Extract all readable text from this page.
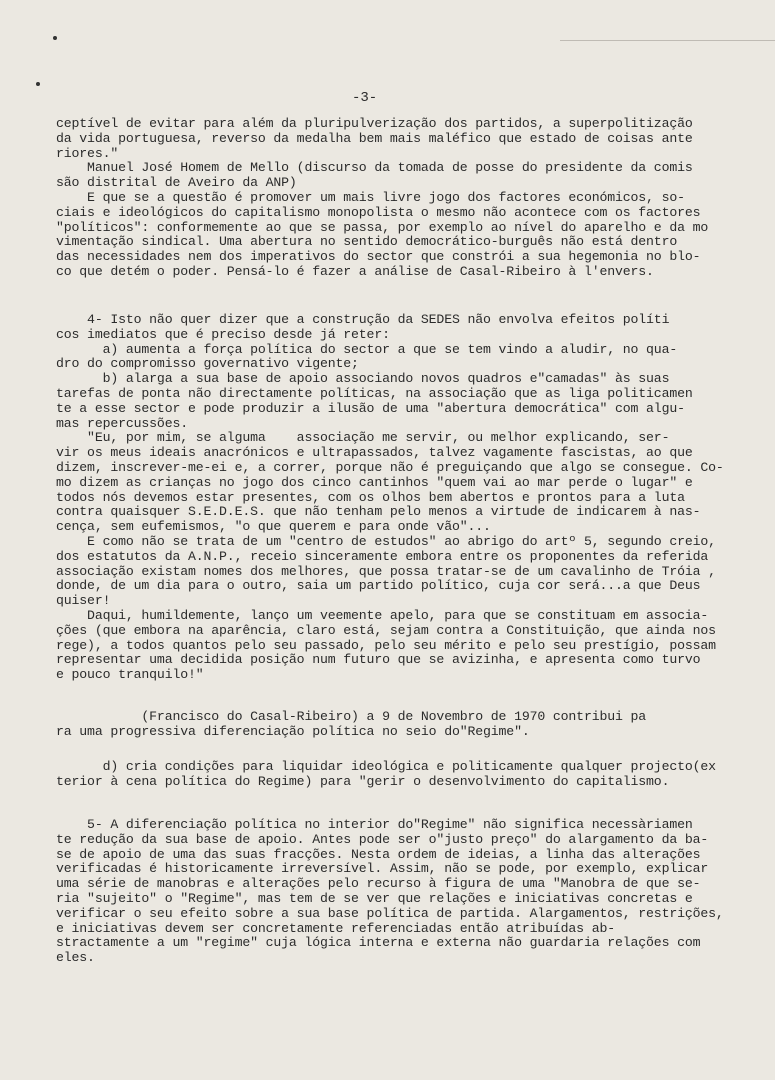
-3-
ceptível de evitar para além da pluripulverização dos partidos, a superpolitização
da vida portuguesa, reverso da medalha bem mais maléfico que estado de coisas ante
riores."
Manuel José Homem de Mello (discurso da tomada de posse do presidente da comis
são distrital de Aveiro da ANP)
E que se a questão é promover um mais livre jogo dos factores económicos, so-
ciais e ideológicos do capitalismo monopolista o mesmo não acontece com os factores
"políticos": conformemente ao que se passa, por exemplo ao nível do aparelho e da mo
vimentação sindical. Uma abertura no sentido democrático-burguês não está dentro
das necessidades nem dos imperativos do sector que constrói a sua hegemonia no blo-
co que detém o poder. Pensá-lo é fazer a análise de Casal-Ribeiro à l'envers.
4- Isto não quer dizer que a construção da SEDES não envolva efeitos políti
cos imediatos que é preciso desde já reter:
a) aumenta a força política do sector a que se tem vindo a aludir, no qua-
dro do compromisso governativo vigente;
b) alarga a sua base de apoio associando novos quadros e"camadas" às suas
tarefas de ponta não directamente políticas, na associação que as liga politicamen
te a esse sector e pode produzir a ilusão de uma "abertura democrática" com algu-
mas repercussões.
"Eu, por mim, se alguma    associação me servir, ou melhor explicando, ser-
vir os meus ideais anacrónicos e ultrapassados, talvez vagamente fascistas, ao que
dizem, inscrever-me-ei e, a correr, porque não é preguiçando que algo se consegue. Co-
mo dizem as crianças no jogo dos cinco cantinhos "quem vai ao mar perde o lugar" e
todos nós devemos estar presentes, com os olhos bem abertos e prontos para a luta
contra quaisquer S.E.D.E.S. que não tenham pelo menos a virtude de indicarem à nas-
cença, sem eufemismos, "o que querem e para onde vão"...
E como não se trata de um "centro de estudos" ao abrigo do artº 5, segundo creio,
dos estatutos da A.N.P., receio sinceramente embora entre os proponentes da referida
associação existam nomes dos melhores, que possa tratar-se de um cavalinho de Tróia ,
donde, de um dia para o outro, saia um partido político, cuja cor será...a que Deus
quiser!
Daqui, humildemente, lanço um veemente apelo, para que se constituam em associa-
ções (que embora na aparência, claro está, sejam contra a Constituição, que ainda nos
rege), a todos quantos pelo seu passado, pelo seu mérito e pelo seu prestígio, possam
representar uma decidida posição num futuro que se avizinha, e apresenta como turvo
e pouco tranquilo!"
(Francisco do Casal-Ribeiro) a 9 de Novembro de 1970 contribui pa
ra uma progressiva diferenciação política no seio do"Regime".
d) cria condições para liquidar ideológica e politicamente qualquer projecto(ex
terior à cena política do Regime) para "gerir o desenvolvimento do capitalismo.
5- A diferenciação política no interior do"Regime" não significa necessàriamen
te redução da sua base de apoio. Antes pode ser o"justo preço" do alargamento da ba-
se de apoio de uma das suas fracções. Nesta ordem de ideias, a linha das alterações
verificadas é historicamente irreversível. Assim, não se pode, por exemplo, explicar
uma série de manobras e alterações pelo recurso à figura de uma "Manobra de que se-
ria "sujeito" o "Regime", mas tem de se ver que relações e iniciativas concretas e
verificar o seu efeito sobre a sua base política de partida. Alargamentos, restrições,
e iniciativas devem ser concretamente referenciadas então atribuídas ab-
stractamente a um "regime" cuja lógica interna e externa não guardaria relações com
eles.
